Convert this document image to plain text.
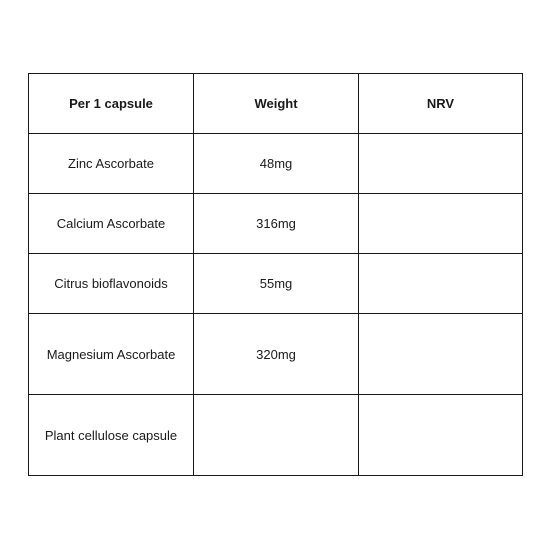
Per 1 capsule	Weight	NRV
Zinc Ascorbate	48mg	
Calcium Ascorbate	316mg	
Citrus bioflavonoids	55mg	
Magnesium Ascorbate	320mg	
Plant cellulose capsule		
